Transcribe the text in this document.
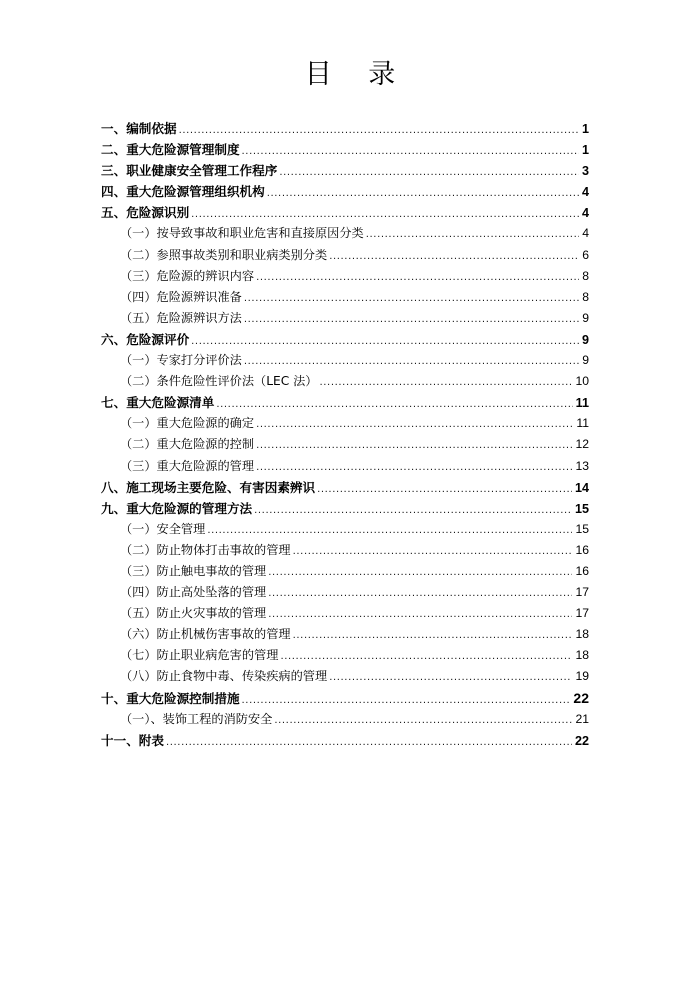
目 录
一、编制依据 .....	1
二、重大危险源管理制度 .....	1
三、职业健康安全管理工作程序 .....	3
四、重大危险源管理组织机构 .....	4
五、危险源识别 .....	4
（一）按导致事故和职业危害和直接原因分类 .....	4
（二）参照事故类别和职业病类别分类 .....	6
（三）危险源的辨识内容 .....	8
（四）危险源辨识准备 .....	8
（五）危险源辨识方法 .....	9
六、危险源评价 .....	9
（一）专家打分评价法 .....	9
（二）条件危险性评价法（LEC 法） .....	10
七、重大危险源清单 .....	11
（一）重大危险源的确定 .....	11
（二）重大危险源的控制 .....	12
（三）重大危险源的管理 .....	13
八、施工现场主要危险、有害因素辨识 .....	14
九、重大危险源的管理方法 .....	15
（一）安全管理 .....	15
（二）防止物体打击事故的管理 .....	16
（三）防止触电事故的管理 .....	16
（四）防止高处坠落的管理 .....	17
（五）防止火灾事故的管理 .....	17
（六）防止机械伤害事故的管理 .....	18
（七）防止职业病危害的管理 .....	18
（八）防止食物中毒、传染疾病的管理 .....	19
十、重大危险源控制措施 .....	22
（一）、装饰工程的消防安全 .....	21
十一、附表 .....	22
